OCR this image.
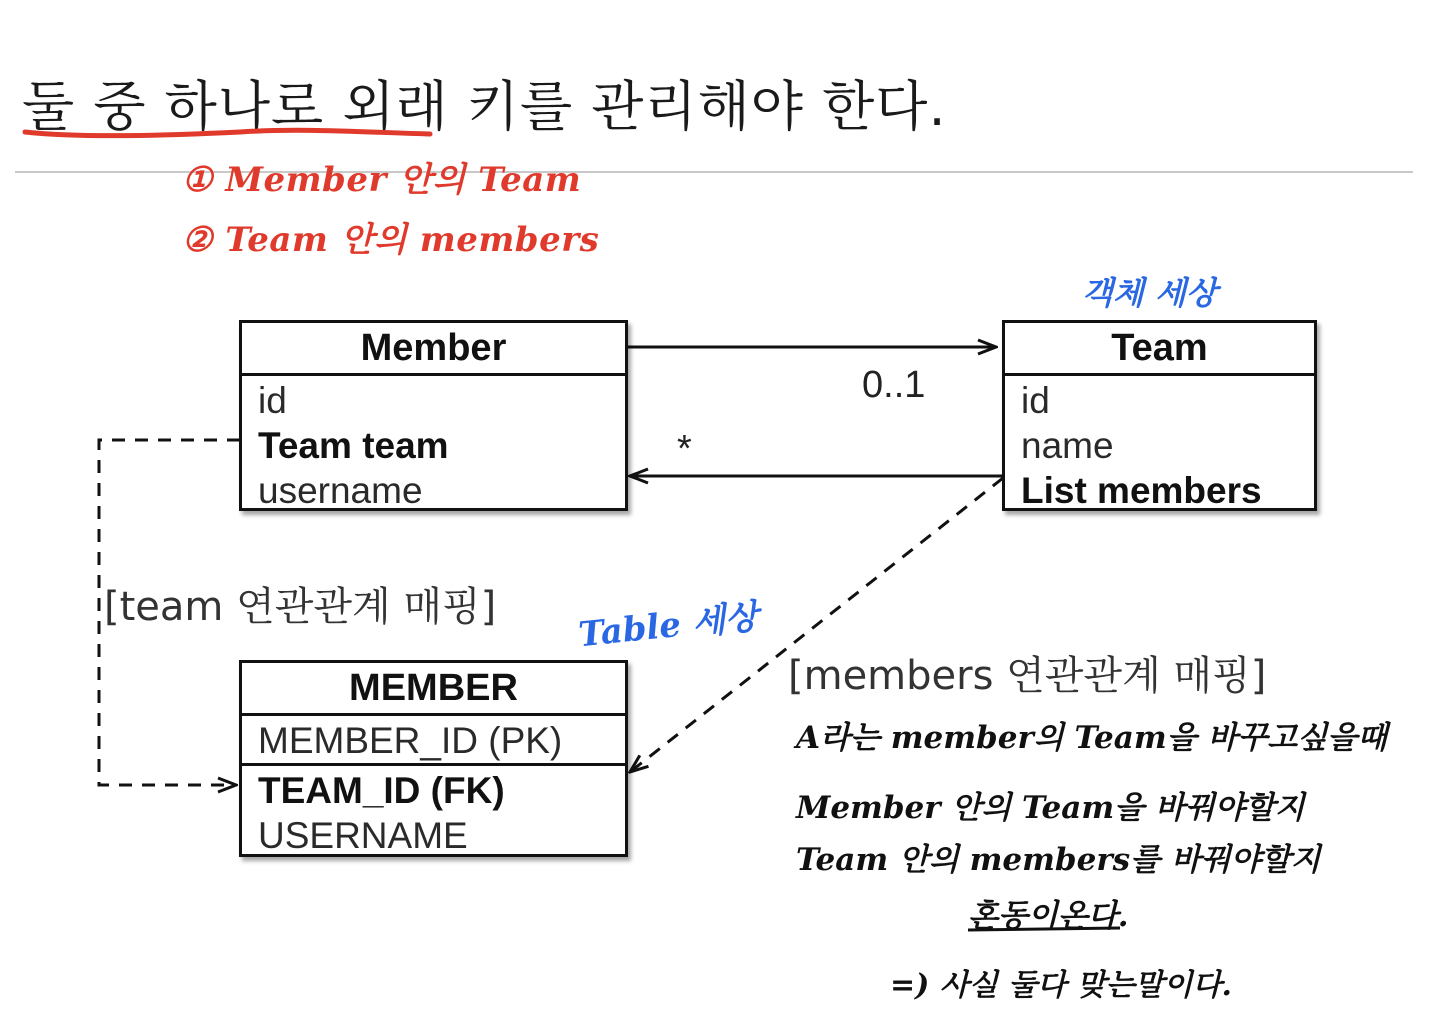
둘 중 하나로 외래 키를 관리해야 한다.
① Member 안의 Team
② Team 안의 members
객체 세상
Table 세상
Member
id
Team team
username
Team
id
name
List members
0..1
*
[team 연관관계 매핑]
[members 연관관계 매핑]
MEMBER
MEMBER_ID (PK)
TEAM_ID (FK)
USERNAME
A라는 member의 Team을 바꾸고싶을때
Member 안의 Team을 바꿔야할지
Team 안의 members를 바꿔야할지
혼동이온다.
=) 사실 둘다 맞는말이다.
